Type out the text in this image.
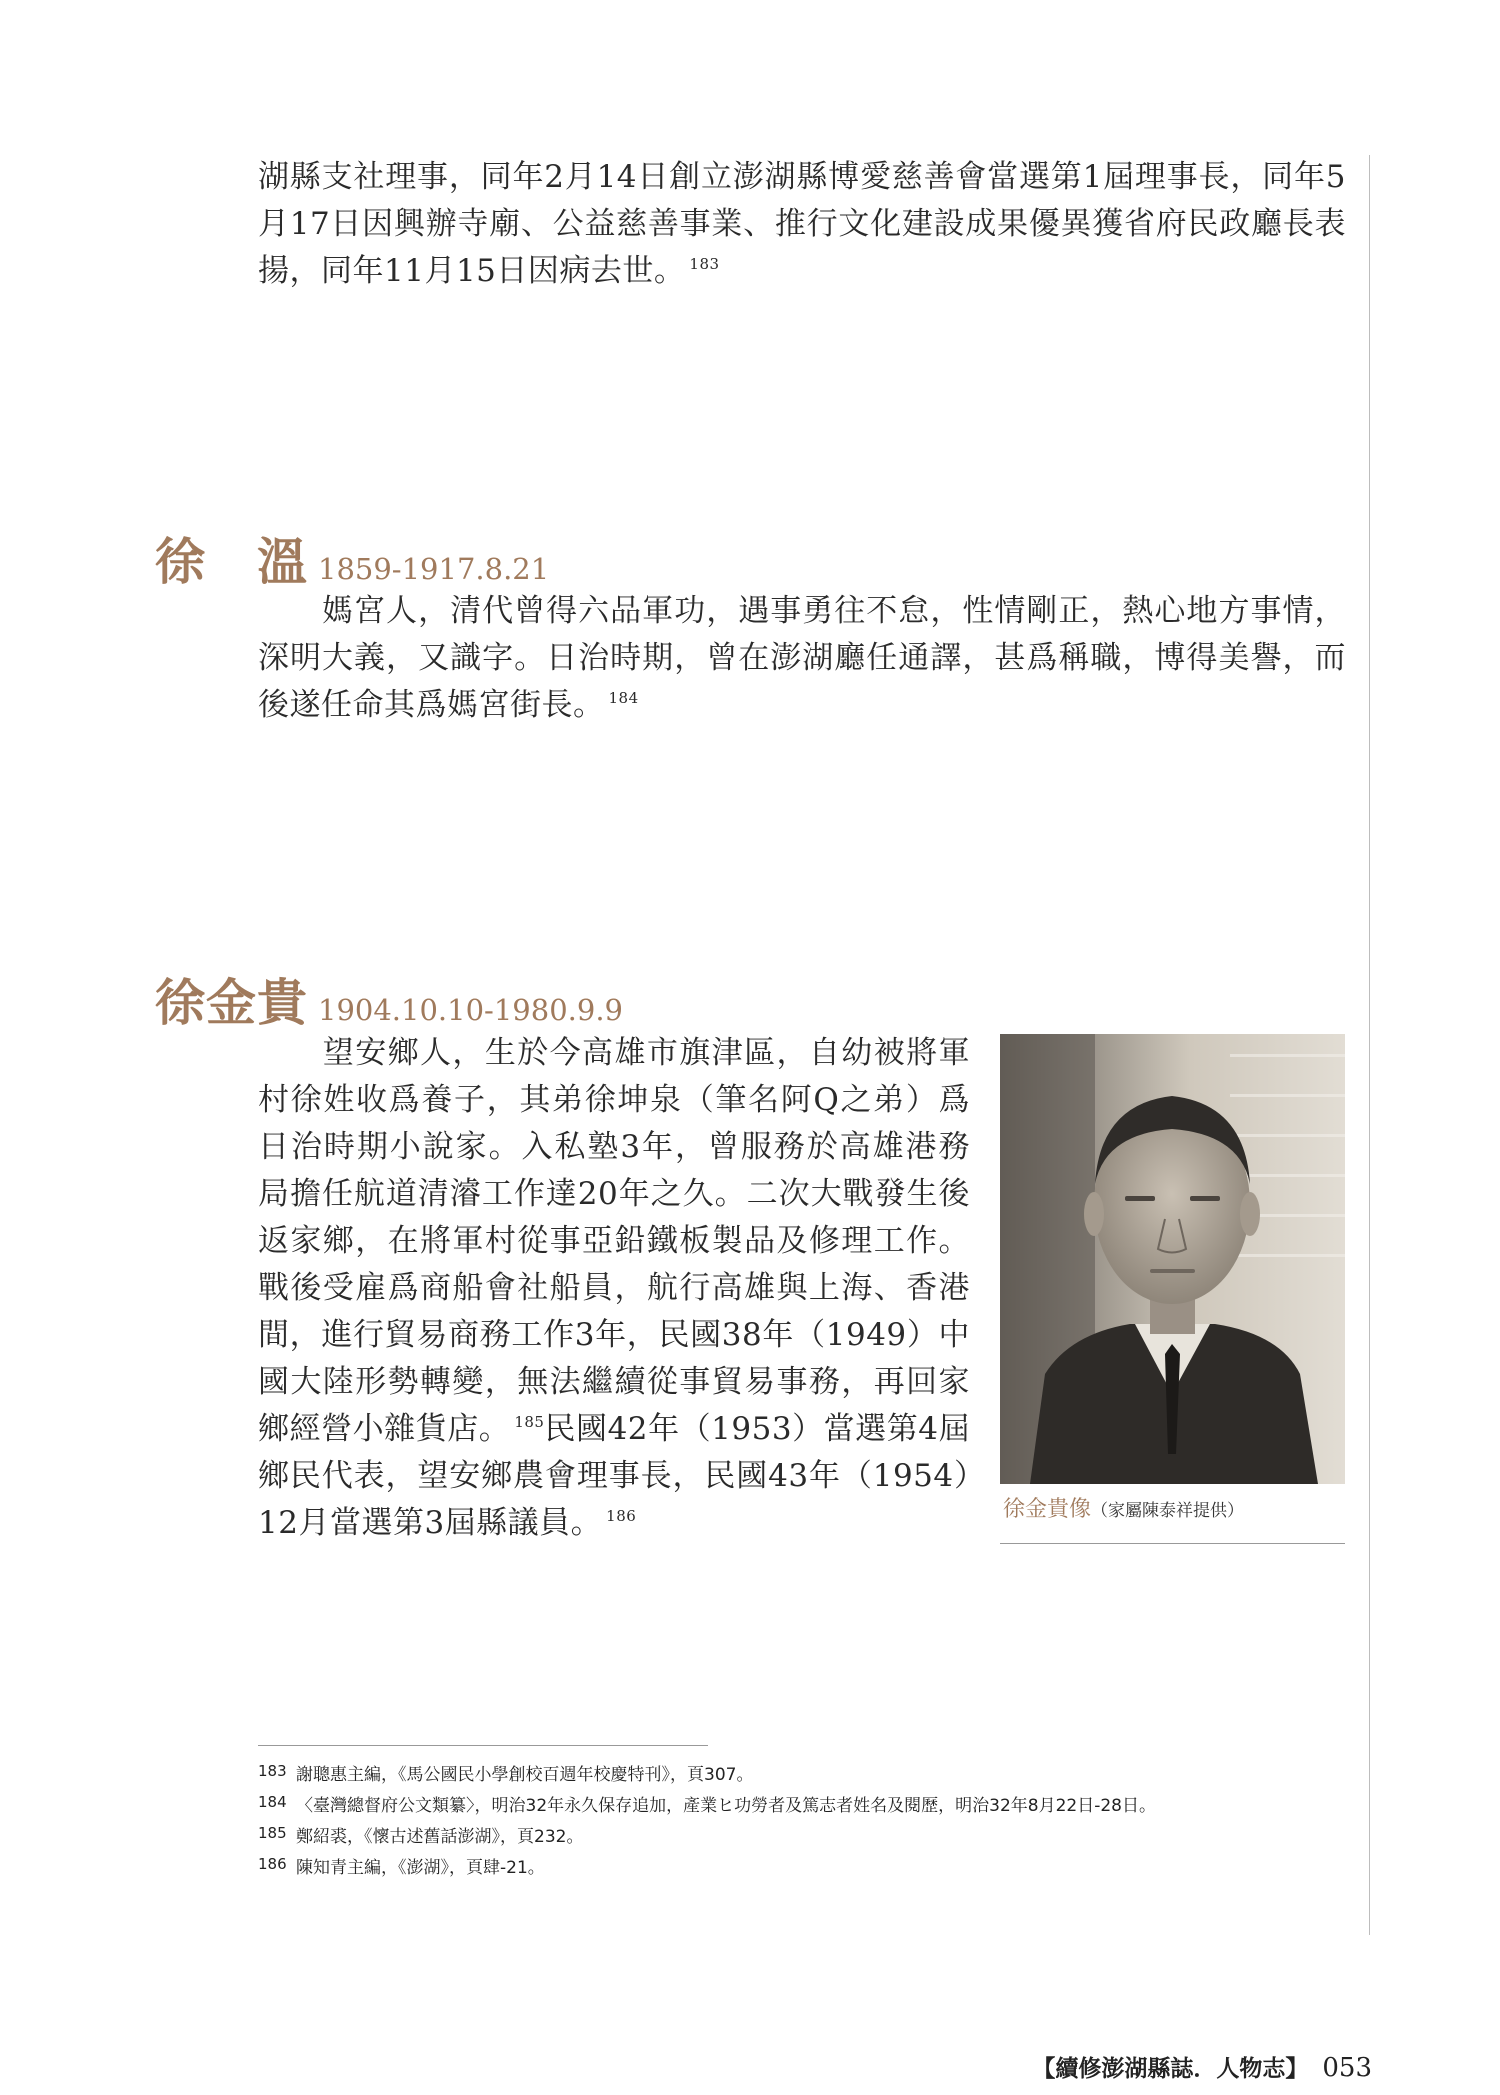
湖縣支社理事，同年2月14日創立澎湖縣博愛慈善會當選第1屆理事長，同年5月17日因興辦寺廟、公益慈善事業、推行文化建設成果優異獲省府民政廳長表揚，同年11月15日因病去世。 $^{183}$

徐　溫 1859-1917.8.21

　　媽宮人，清代曾得六品軍功，遇事勇往不怠，性情剛正，熱心地方事情，深明大義，又識字。日治時期，曾在澎湖廳任通譯，甚爲稱職，博得美譽，而後遂任命其爲媽宮街長。 $^{184}$

徐金貴 1904.10.10-1980.9.9

　　望安鄉人，生於今高雄市旗津區，自幼被將軍村徐姓收爲養子，其弟徐坤泉（筆名阿Q之弟）爲日治時期小說家。入私塾3年，曾服務於高雄港務局擔任航道清濬工作達20年之久。二次大戰發生後返家鄉，在將軍村從事亞鉛鐵板製品及修理工作。戰後受雇爲商船會社船員，航行高雄與上海、香港間，進行貿易商務工作3年，民國38年（1949）中國大陸形勢轉變，無法繼續從事貿易事務，再回家鄉經營小雜貨店。 $^{185}$民國42年（1953）當選第4屆鄉民代表，望安鄉農會理事長，民國43年（1954）12月當選第3屆縣議員。 $^{186}$	徐金貴像（家屬陳泰祥提供）
183 謝聰惠主編，《馬公國民小學創校百週年校慶特刊》，頁307。
184 〈臺灣總督府公文類纂〉，明治32年永久保存追加，產業ヒ功勞者及篤志者姓名及閱歷，明治32年8月22日-28日。
185 鄭紹裘，《懷古述舊話澎湖》，頁232。
186 陳知青主編，《澎湖》，頁肆-21。
【續修澎湖縣誌．人物志】 053
